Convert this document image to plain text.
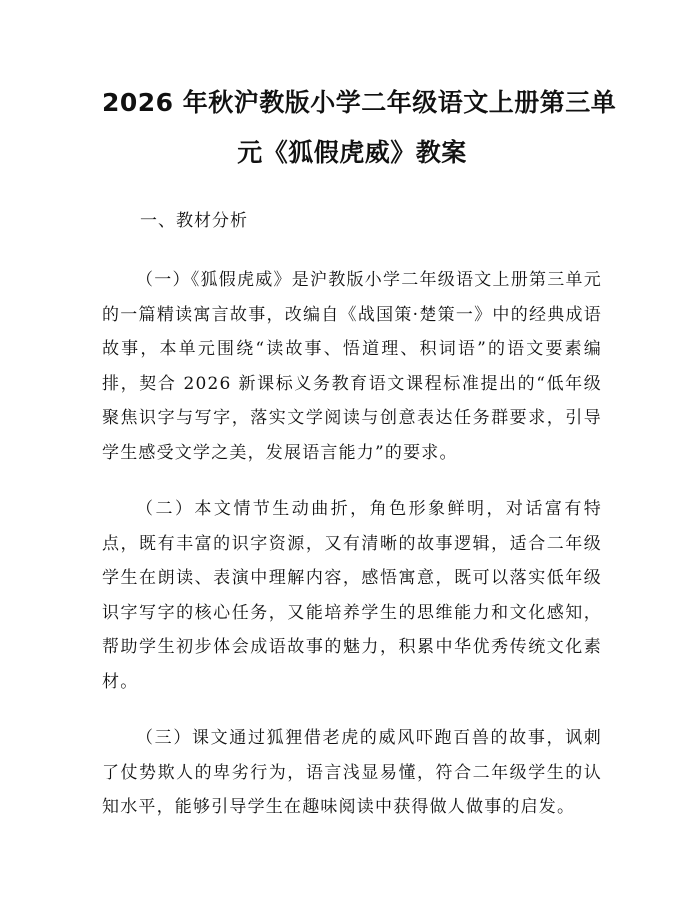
2026 年秋沪教版小学二年级语文上册第三单
元《狐假虎威》教案
一、教材分析

（一）《狐假虎威》是沪教版小学二年级语文上册第三单元的一篇精读寓言故事，改编自《战国策·楚策一》中的经典成语故事，本单元围绕“读故事、悟道理、积词语”的语文要素编排，契合 2026 新课标义务教育语文课程标准提出的“低年级聚焦识字与写字，落实文学阅读与创意表达任务群要求，引导学生感受文学之美，发展语言能力”的要求。

（二）本文情节生动曲折，角色形象鲜明，对话富有特点，既有丰富的识字资源，又有清晰的故事逻辑，适合二年级学生在朗读、表演中理解内容，感悟寓意，既可以落实低年级识字写字的核心任务，又能培养学生的思维能力和文化感知，帮助学生初步体会成语故事的魅力，积累中华优秀传统文化素材。

（三）课文通过狐狸借老虎的威风吓跑百兽的故事，讽刺了仗势欺人的卑劣行为，语言浅显易懂，符合二年级学生的认知水平，能够引导学生在趣味阅读中获得做人做事的启发。
